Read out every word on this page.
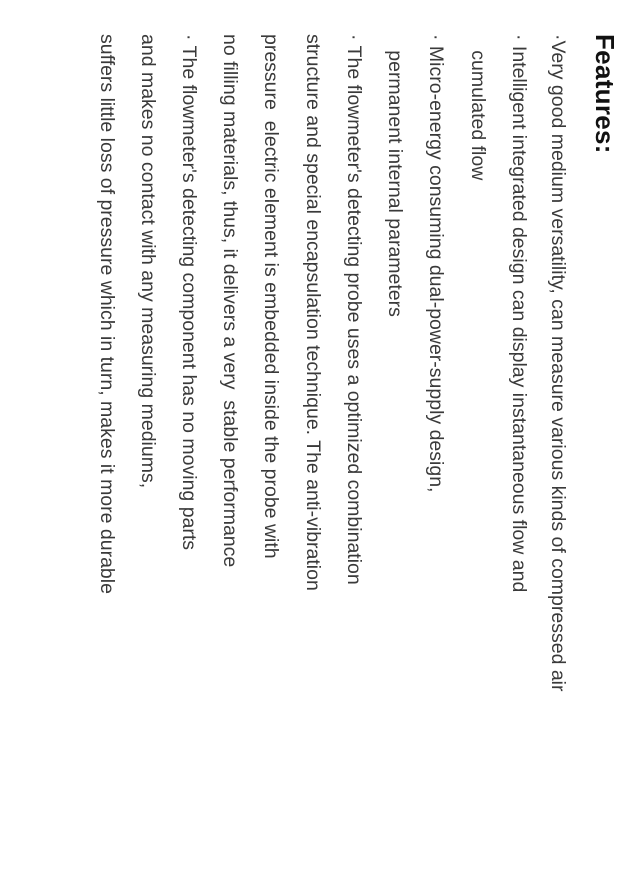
Features:

·Very good medium versatility, can measure various kinds of compressed air

· Intelligent integrated design can display instantaneous flow and

cumulated flow

· Micro-energy consuming dual-power-supply design,

permanent internal parameters

· The flowmeter's detecting probe uses a optimized combination

structure and special encapsulation technique. The anti-vibration

pressure  electric element is embedded inside the probe with

no filling materials, thus, it delivers a very  stable performance

· The flowmeter's detecting component has no moving parts

and makes no contact with any measuring mediums,

suffers little loss of pressure which in turn, makes it more durable
